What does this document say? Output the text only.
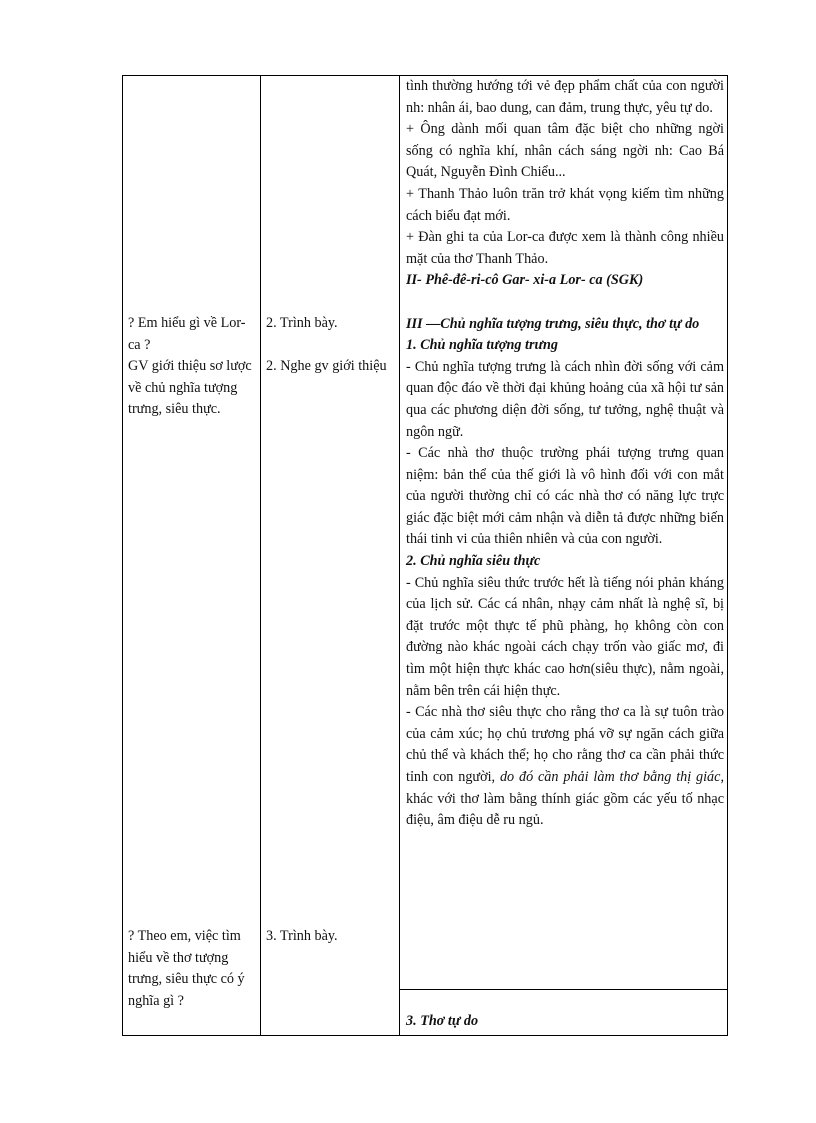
? Em hiểu gì về Lor- ca ?

GV giới thiệu sơ lược về chủ nghĩa tượng trưng, siêu thực.

? Theo em, việc tìm hiểu về thơ tượng trưng, siêu thực có ý nghĩa gì ?

2. Trình bày.

2. Nghe gv giới thiệu

3. Trình bày.

tình thường hướng tới vẻ đẹp phẩm chất của con người nh: nhân ái, bao dung, can đảm, trung thực, yêu tự do.

+ Ông dành mối quan tâm đặc biệt cho những ngời sống có nghĩa khí, nhân cách sáng ngời nh: Cao Bá Quát, Nguyễn Đình Chiểu...

+ Thanh Thảo luôn trăn trở khát vọng kiếm tìm những cách biểu đạt mới.

+ Đàn ghi ta của Lor-ca được xem là thành công nhiều mặt của thơ Thanh Thảo.

II- Phê-đê-ri-cô Gar- xi-a Lor- ca (SGK)

III —Chủ nghĩa tượng trưng, siêu thực, thơ tự do

1. Chủ nghĩa tượng trưng

- Chủ nghĩa tượng trưng là cách nhìn đời sống với cảm quan độc đáo về thời đại khủng hoảng của xã hội tư sản qua các phương diện đời sống, tư tưởng, nghệ thuật và ngôn ngữ.

- Các nhà thơ thuộc trường phái tượng trưng quan niệm: bản thể của thế giới là vô hình đối với con mắt của người thường chỉ có các nhà thơ có năng lực trực giác đặc biệt mới cảm nhận và diễn tả được những biến thái tinh vi của thiên nhiên và của con người.

2. Chủ nghĩa siêu thực

- Chủ nghĩa siêu thức trước hết là tiếng nói phản kháng của lịch sử. Các cá nhân, nhạy cảm nhất là nghệ sĩ, bị đặt trước một thực tế phũ phàng, họ không còn con đường nào khác ngoài cách chạy trốn vào giấc mơ, đi tìm một hiện thực khác cao hơn(siêu thực), nằm ngoài, nằm bên trên cái hiện thực.

- Các nhà thơ siêu thực cho rằng thơ ca là sự tuôn trào của cảm xúc; họ chủ trương phá vỡ sự ngăn cách giữa chủ thể và khách thể; họ cho rằng thơ ca cần phải thức tỉnh con người, do đó cần phải làm thơ bằng thị giác, khác với thơ làm bằng thính giác gồm các yếu tố nhạc điệu, âm điệu dễ ru ngủ.

3. Thơ tự do
